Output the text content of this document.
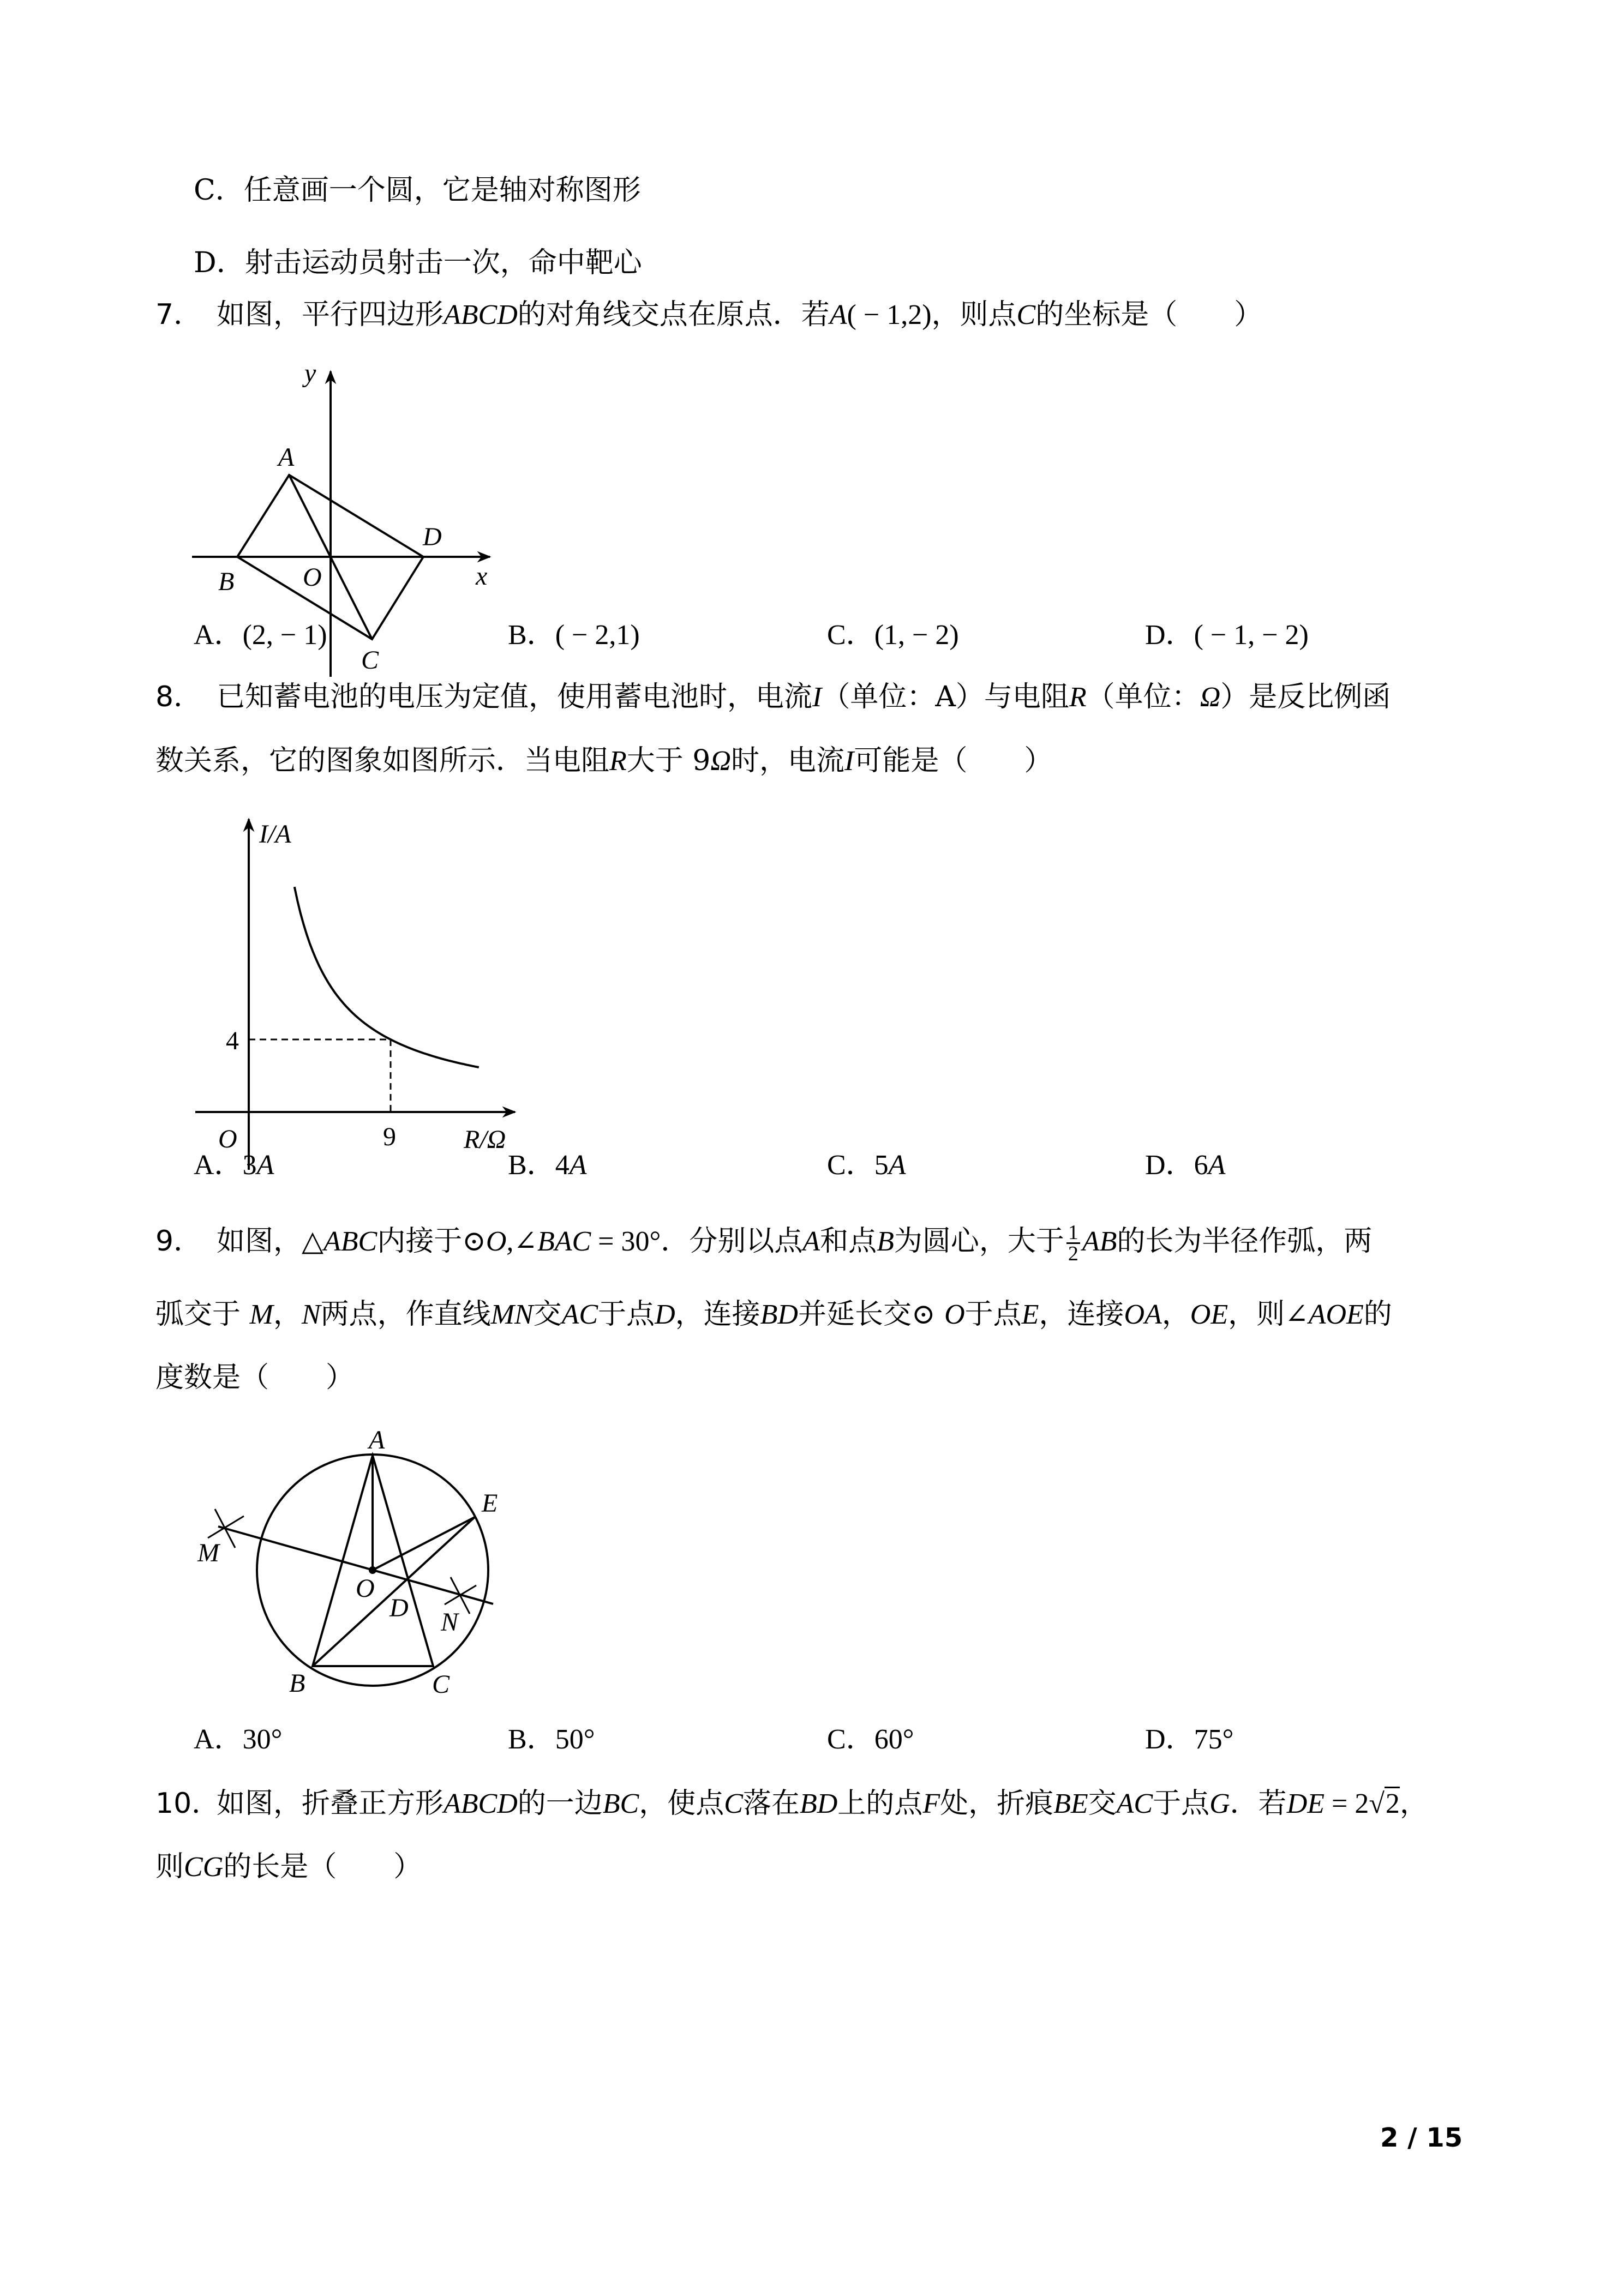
C．任意画一个圆，它是轴对称图形
D．射击运动员射击一次，命中靶心
7． 如图，平行四边形ABCD的对角线交点在原点．若A( − 1,2)，则点C的坐标是（　　）
y
x
A
B	O
D
C
I/A
R/Ω
4
9
O
A
E
M
O
D N
B	C
A．(2, − 1)	B．( − 2,1)	C．(1, − 2)	D．( − 1, − 2)
8． 已知蓄电池的电压为定值，使用蓄电池时，电流I（单位：A）与电阻R（单位：Ω）是反比例函
数关系，它的图象如图所示．当电阻R大于 9Ω时，电流I可能是（　　）
A．3A	B．4A	C．5A	D．6A
9． 如图，△ABC内接于⊙O,∠BAC = 30°．分别以点A和点B为圆心，大于 $\frac{1}{2}$ AB的长为半径作弧，两
弧交于 M，N两点，作直线MN交AC于点D，连接BD并延长交⊙ O于点E，连接OA，OE，则∠AOE的
度数是（　　）
A．30°	B．50°	C．60°	D．75°
10．如图，折叠正方形ABCD的一边BC，使点C落在BD上的点F处，折痕BE交AC于点G．若DE = 2√2，
则CG的长是（　　）
2 / 15
